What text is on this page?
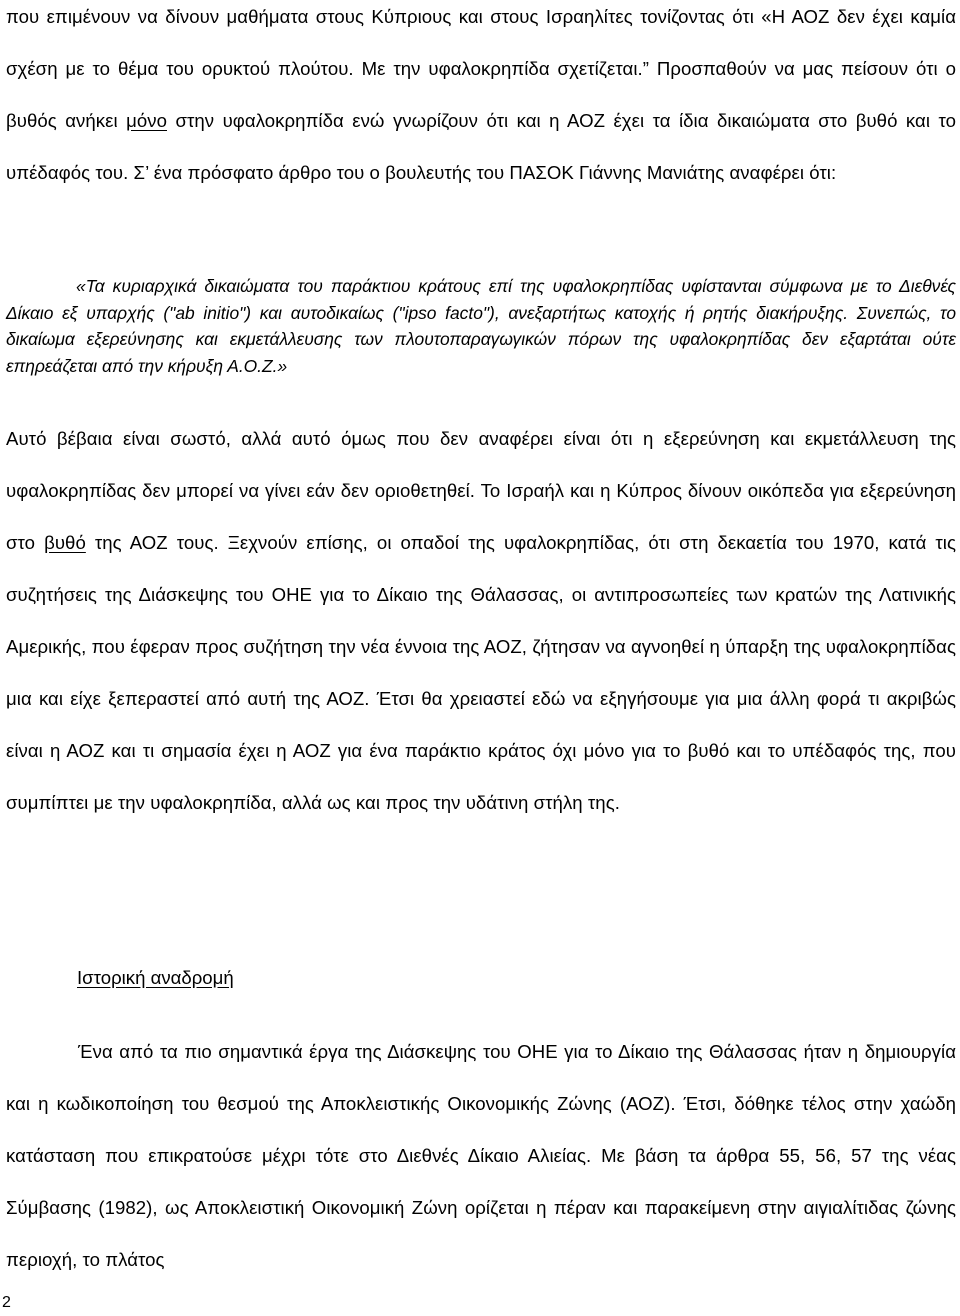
που επιμένουν να δίνουν μαθήματα στους Κύπριους και στους Ισραηλίτες τονίζοντας ότι «Η ΑΟΖ δεν έχει καμία σχέση με το θέμα του ορυκτού πλούτου. Με την υφαλοκρηπίδα σχετίζεται.” Προσπαθούν να μας πείσουν ότι ο βυθός ανήκει μόνο στην υφαλοκρηπίδα ενώ γνωρίζουν ότι και η ΑΟΖ έχει τα ίδια δικαιώματα στο βυθό και το υπέδαφός του. Σ’ ένα πρόσφατο άρθρο του ο βουλευτής του ΠΑΣΟΚ Γιάννης Μανιάτης αναφέρει ότι:

«Τα κυριαρχικά δικαιώματα του παράκτιου κράτους επί της υφαλοκρηπίδας υφίστανται σύμφωνα με το Διεθνές Δίκαιο εξ υπαρχής ("ab initio") και αυτοδικαίως ("ipso facto"), ανεξαρτήτως κατοχής ή ρητής διακήρυξης. Συνεπώς, το δικαίωμα εξερεύνησης και εκμετάλλευσης των πλουτοπαραγωγικών πόρων της υφαλοκρηπίδας δεν εξαρτάται ούτε επηρεάζεται από την κήρυξη Α.Ο.Ζ.»

Αυτό βέβαια είναι σωστό, αλλά αυτό όμως που δεν αναφέρει είναι ότι η εξερεύνηση και εκμετάλλευση της υφαλοκρηπίδας δεν μπορεί να γίνει εάν δεν οριοθετηθεί. Το Ισραήλ και η Κύπρος δίνουν οικόπεδα για εξερεύνηση στο βυθό της ΑΟΖ τους. Ξεχνούν επίσης, οι οπαδοί της υφαλοκρηπίδας, ότι στη δεκαετία του 1970, κατά τις συζητήσεις της Διάσκεψης του ΟΗΕ για το Δίκαιο της Θάλασσας, οι αντιπροσωπείες των κρατών της Λατινικής Αμερικής, που έφεραν προς συζήτηση την νέα έννοια της ΑΟΖ, ζήτησαν να αγνοηθεί η ύπαρξη της υφαλοκρηπίδας μια και είχε ξεπεραστεί από αυτή της ΑΟΖ. Έτσι θα χρειαστεί εδώ να εξηγήσουμε για μια άλλη φορά τι ακριβώς είναι η ΑΟΖ και τι σημασία έχει η ΑΟΖ για ένα παράκτιο κράτος όχι μόνο για το βυθό και το υπέδαφός της, που συμπίπτει με την υφαλοκρηπίδα, αλλά ως και προς την υδάτινη στήλη της.

Ιστορική αναδρομή

Ένα από τα πιο σημαντικά έργα της Διάσκεψης του ΟΗΕ για το Δίκαιο της Θάλασσας ήταν η δημιουργία και η κωδικοποίηση του θεσμού της Αποκλειστικής Οικονομικής Ζώνης (ΑΟΖ). Έτσι, δόθηκε τέλος στην χαώδη κατάσταση που επικρατούσε μέχρι τότε στο Διεθνές Δίκαιο Αλιείας. Με βάση τα άρθρα 55, 56, 57 της νέας Σύμβασης (1982), ως Αποκλειστική Οικονομική Ζώνη ορίζεται η πέραν και παρακείμενη στην αιγιαλίτιδας ζώνης περιοχή, το πλάτος

2
